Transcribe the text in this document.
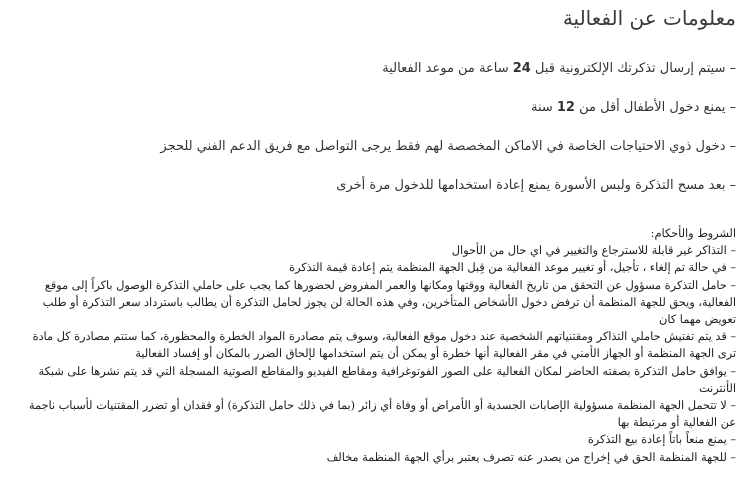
معلومات عن الفعالية
–سيتم إرسال تذكرتك الإلكترونية قبل 24 ساعة من موعد الفعالية
–يمنع دخول الأطفال أقل من 12 سنة
–دخول ذوي الاحتياجات الخاصة في الاماكن المخصصة لهم فقط يرجى التواصل مع فريق الدعم الفني للحجز
–بعد مسح التذكرة ولبس الأسورة يمنع إعادة استخدامها للدخول مرة أخرى

الشروط والأحكام:

– التذاكر غير قابلة للاسترجاع والتغيير في اي حال من الأحوال

– في حالة تم إلغاء ، تأجيل، أو تغيير موعد الفعالية من قِبل الجهة المنظمة يتم إعادة قيمة التذكرة

– حامل التذكرة مسؤول عن التحقق من تاريخ الفعالية ووقتها ومكانها والعمر المفروض لحضورها كما يجب على حاملي التذكرة الوصول باكراً إلى موقع الفعالية، ويحق للجهة المنظمة أن ترفض دخول الأشخاص المتأخرين، وفي هذه الحالة لن يجوز لحامل التذكرة أن يطالب باسترداد سعر التذكرة أو طلب تعويض مهما كان

– قد يتم تفتيش حاملي التذاكر ومقتنياتهم الشخصية عند دخول موقع الفعالية، وسوف يتم مصادرة المواد الخطرة والمحظورة، كما ستتم مصادرة كل مادة ترى الجهة المنظمة أو الجهاز الأمني في مقر الفعالية أنها خطرة أو يمكن أن يتم استخدامها لإلحاق الضرر بالمكان أو إفساد الفعالية

– يوافق حامل التذكرة بصفته الحاضر لمكان الفعالية على الصور الفوتوغرافية ومقاطع الفيديو والمقاطع الصوتية المسجلة التي قد يتم نشرها على شبكة الأنترنت

– لا تتحمل الجهة المنظمة مسؤولية الإصابات الجسدية أو الأمراض أو وفاة أي زائر (بما في ذلك حامل التذكرة) أو فقدان أو تضرر المقتنيات لأسباب ناجمة عن الفعالية أو مرتبطة بها

– يمنع منعاً باتاً إعادة بيع التذكرة

– للجهة المنظمة الحق في إخراج من يصدر عنه تصرف يعتبر برأي الجهة المنظمة مخالف
